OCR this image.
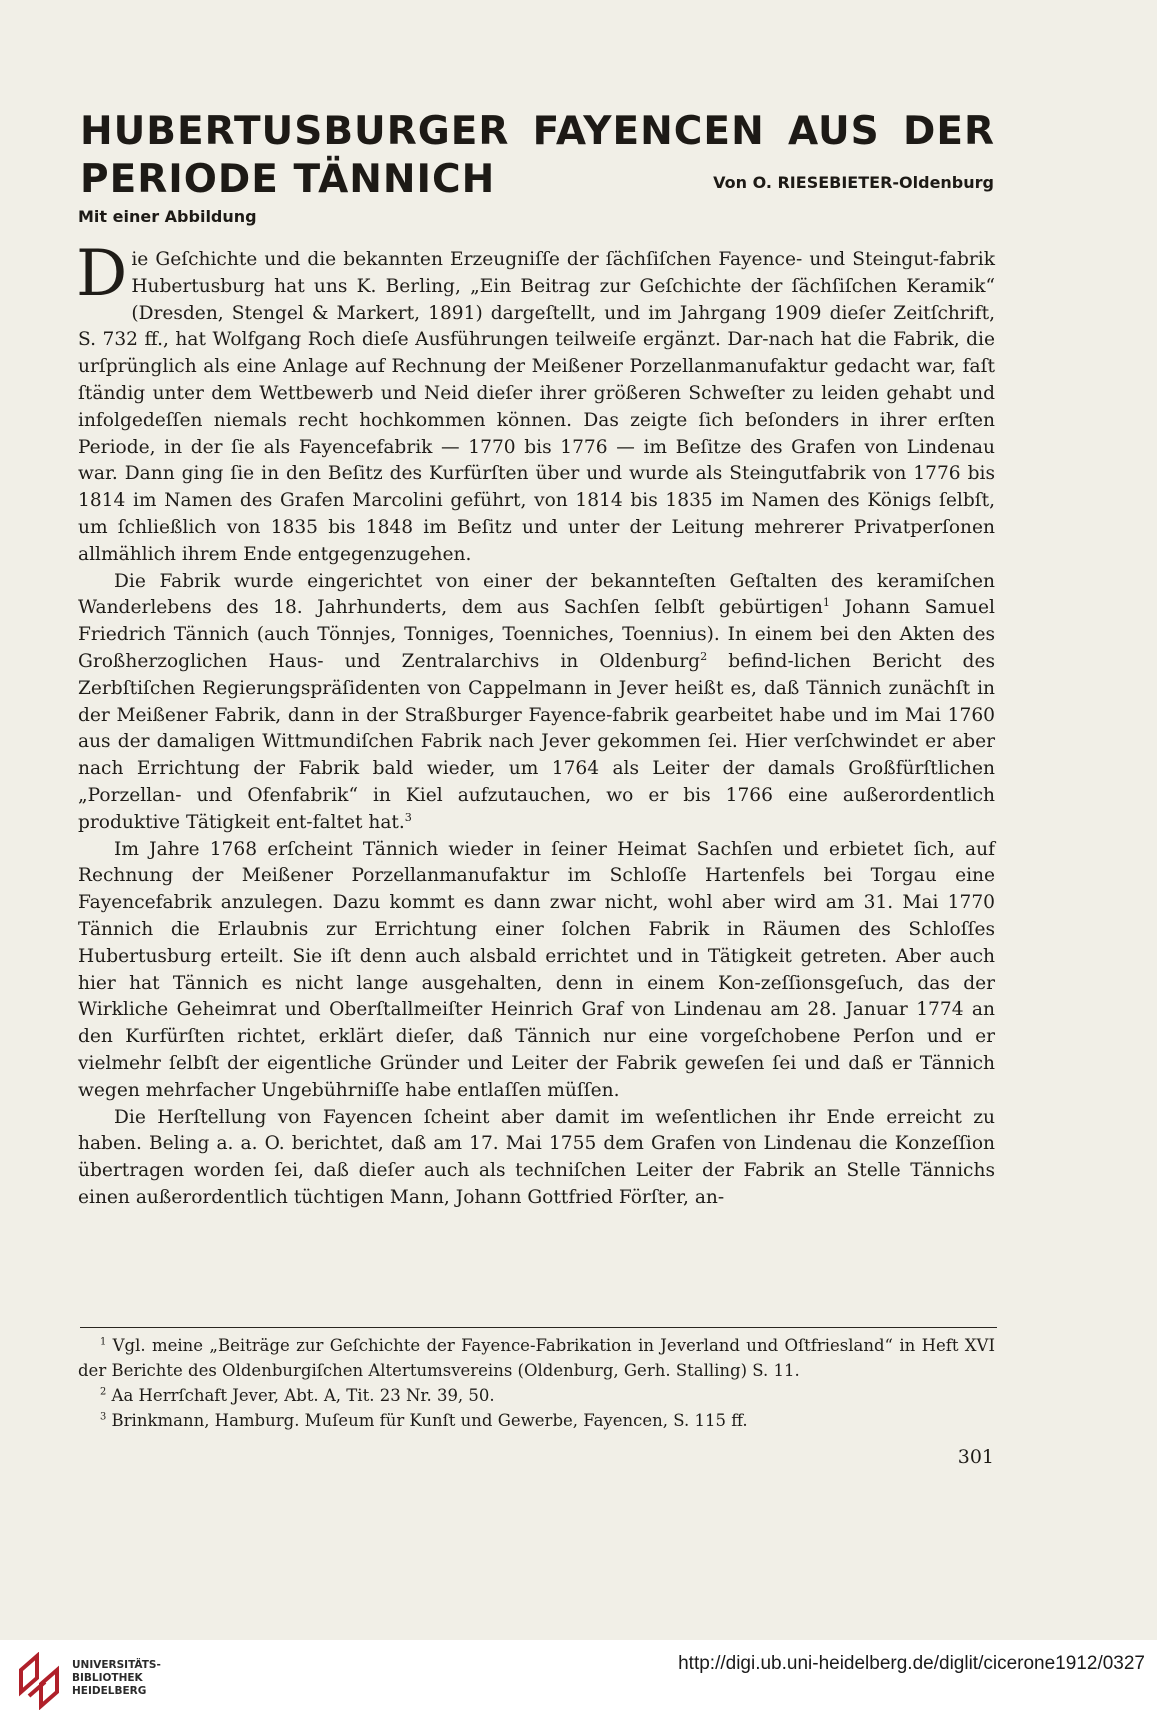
HUBERTUSBURGER FAYENCEN AUS DER
PERIODE TÄNNICH	Von O. RIESEBIETER-Oldenburg
Mit einer Abbildung

Die Geſchichte und die bekannten Erzeugniſſe der ſächſiſchen Fayence- und Steingut-fabrik Hubertusburg hat uns K. Berling, „Ein Beitrag zur Geſchichte der ſächſiſchen Keramik“ (Dresden, Stengel & Markert, 1891) dargeſtellt, und im Jahrgang 1909 dieſer Zeitſchrift, S. 732 ff., hat Wolfgang Roch dieſe Ausführungen teilweiſe ergänzt. Dar-nach hat die Fabrik, die urſprünglich als eine Anlage auf Rechnung der Meißener Porzellanmanufaktur gedacht war, faſt ſtändig unter dem Wettbewerb und Neid dieſer ihrer größeren Schweſter zu leiden gehabt und infolgedeſſen niemals recht hochkommen können. Das zeigte ſich beſonders in ihrer erſten Periode, in der ſie als Fayencefabrik — 1770 bis 1776 — im Beſitze des Grafen von Lindenau war. Dann ging ſie in den Beſitz des Kurfürſten über und wurde als Steingutfabrik von 1776 bis 1814 im Namen des Grafen Marcolini geführt, von 1814 bis 1835 im Namen des Königs ſelbſt, um ſchließlich von 1835 bis 1848 im Beſitz und unter der Leitung mehrerer Privatperſonen allmählich ihrem Ende entgegenzugehen.

Die Fabrik wurde eingerichtet von einer der bekannteſten Geſtalten des keramiſchen Wanderlebens des 18. Jahrhunderts, dem aus Sachſen ſelbſt gebürtigen$^1$ Johann Samuel Friedrich Tännich (auch Tönnjes, Tonniges, Toenniches, Toennius). In einem bei den Akten des Großherzoglichen Haus- und Zentralarchivs in Oldenburg$^2$ befind-lichen Bericht des Zerbſtiſchen Regierungspräſidenten von Cappelmann in Jever heißt es, daß Tännich zunächſt in der Meißener Fabrik, dann in der Straßburger Fayence-fabrik gearbeitet habe und im Mai 1760 aus der damaligen Wittmundiſchen Fabrik nach Jever gekommen ſei. Hier verſchwindet er aber nach Errichtung der Fabrik bald wieder, um 1764 als Leiter der damals Großfürſtlichen „Porzellan- und Ofenfabrik“ in Kiel aufzutauchen, wo er bis 1766 eine außerordentlich produktive Tätigkeit ent-faltet hat.$^3$

Im Jahre 1768 erſcheint Tännich wieder in ſeiner Heimat Sachſen und erbietet ſich, auf Rechnung der Meißener Porzellanmanufaktur im Schloſſe Hartenfels bei Torgau eine Fayencefabrik anzulegen. Dazu kommt es dann zwar nicht, wohl aber wird am 31. Mai 1770 Tännich die Erlaubnis zur Errichtung einer ſolchen Fabrik in Räumen des Schloſſes Hubertusburg erteilt. Sie iſt denn auch alsbald errichtet und in Tätigkeit getreten. Aber auch hier hat Tännich es nicht lange ausgehalten, denn in einem Kon-zeſſionsgeſuch, das der Wirkliche Geheimrat und Oberſtallmeiſter Heinrich Graf von Lindenau am 28. Januar 1774 an den Kurfürſten richtet, erklärt dieſer, daß Tännich nur eine vorgeſchobene Perſon und er vielmehr ſelbſt der eigentliche Gründer und Leiter der Fabrik geweſen ſei und daß er Tännich wegen mehrfacher Ungebührniſſe habe entlaſſen müſſen.

Die Herſtellung von Fayencen ſcheint aber damit im weſentlichen ihr Ende erreicht zu haben. Beling a. a. O. berichtet, daß am 17. Mai 1755 dem Grafen von Lindenau die Konzeſſion übertragen worden ſei, daß dieſer auch als techniſchen Leiter der Fabrik an Stelle Tännichs einen außerordentlich tüchtigen Mann, Johann Gottfried Förſter, an-

$^1$ Vgl. meine „Beiträge zur Geſchichte der Fayence-Fabrikation in Jeverland und Oſtfriesland“ in Heft XVI der Berichte des Oldenburgiſchen Altertumsvereins (Oldenburg, Gerh. Stalling) S. 11.

$^2$ Aa Herrſchaft Jever, Abt. A, Tit. 23 Nr. 39, 50.

$^3$ Brinkmann, Hamburg. Muſeum für Kunſt und Gewerbe, Fayencen, S. 115 ff.

301
UNIVERSITÄTS-
BIBLIOTHEK
HEIDELBERG
http://digi.ub.uni-heidelberg.de/diglit/cicerone1912/0327
